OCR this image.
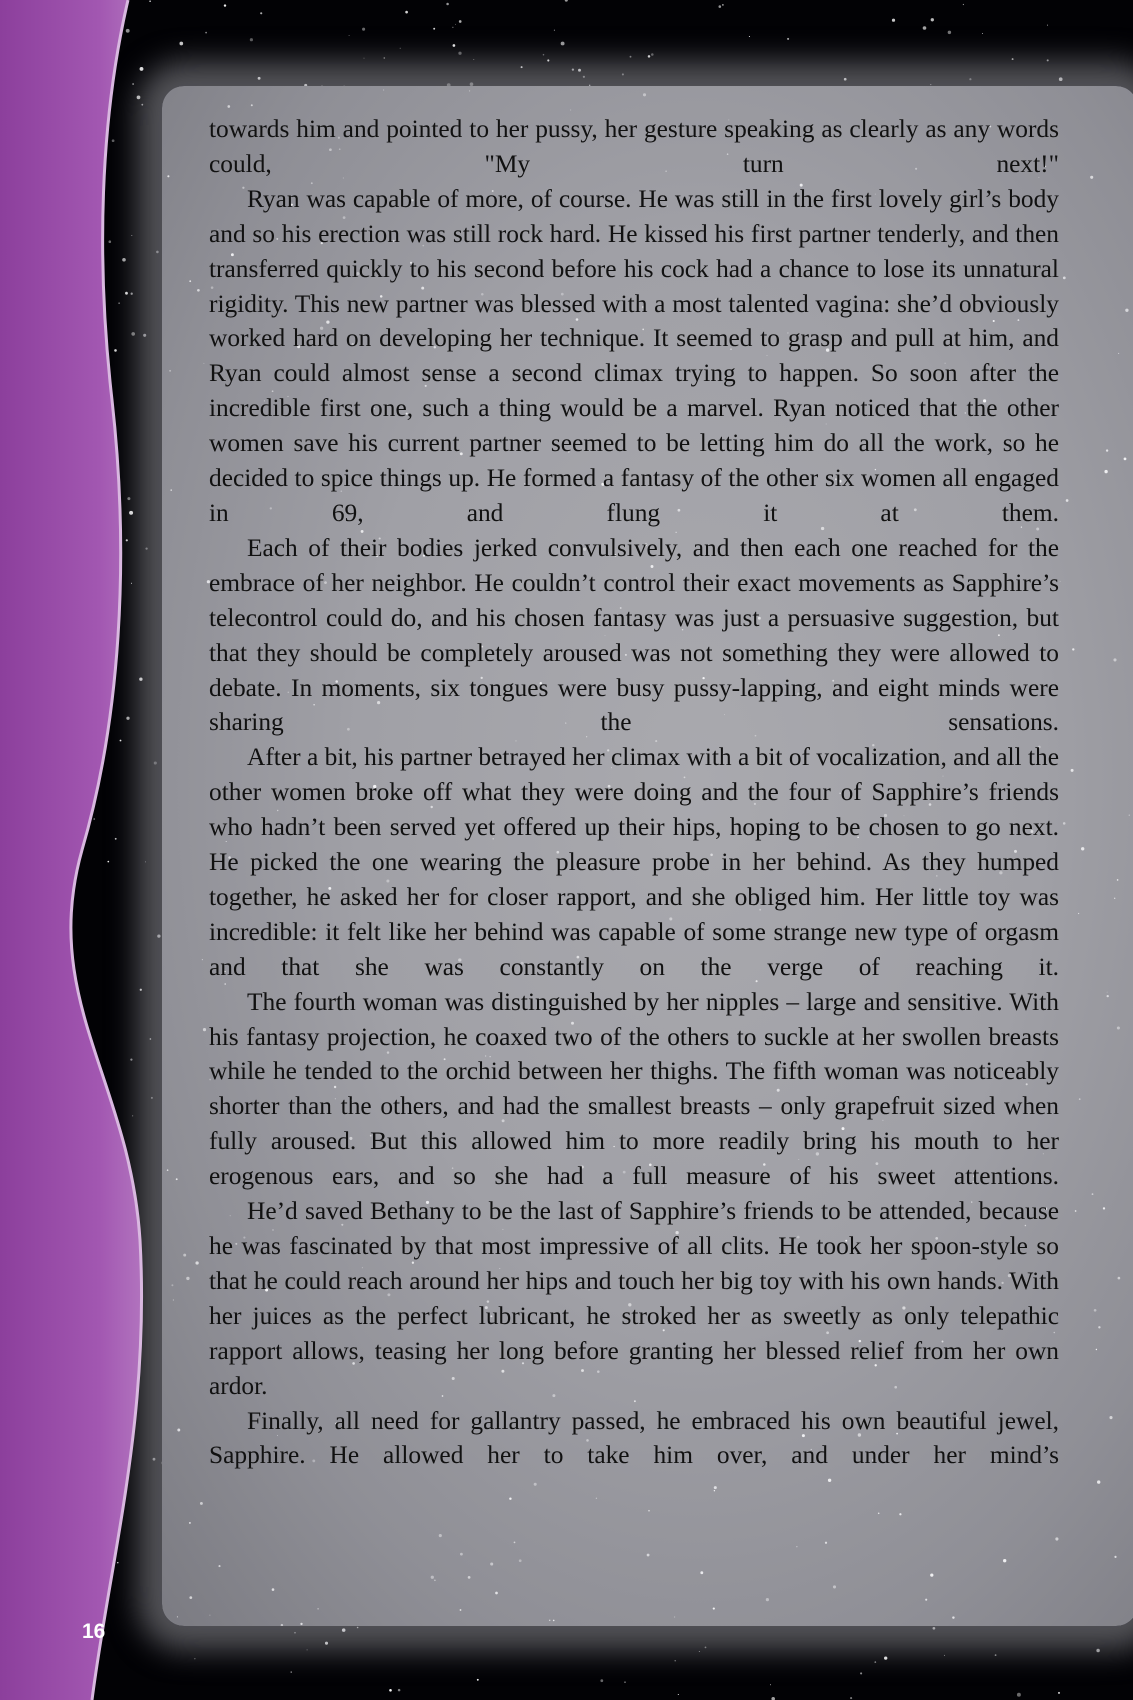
towards him and pointed to her pussy, her gesture speaking as clearly as any words could, "My turn next!"

Ryan was capable of more, of course. He was still in the first lovely girl’s body and so his erection was still rock hard. He kissed his first partner tenderly, and then transferred quickly to his second before his cock had a chance to lose its unnatural rigidity. This new partner was blessed with a most talented vagina: she’d obviously worked hard on developing her technique. It seemed to grasp and pull at him, and Ryan could almost sense a second climax trying to happen. So soon after the incredible first one, such a thing would be a marvel. Ryan noticed that the other women save his current partner seemed to be letting him do all the work, so he decided to spice things up. He formed a fantasy of the other six women all engaged in 69, and flung it at them.

Each of their bodies jerked convulsively, and then each one reached for the embrace of her neighbor. He couldn’t control their exact movements as Sapphire’s telecontrol could do, and his chosen fantasy was just a persuasive suggestion, but that they should be completely aroused was not something they were allowed to debate. In moments, six tongues were busy pussy-lapping, and eight minds were sharing the sensations.

After a bit, his partner betrayed her climax with a bit of vocalization, and all the other women broke off what they were doing and the four of Sapphire’s friends who hadn’t been served yet offered up their hips, hoping to be chosen to go next. He picked the one wearing the pleasure probe in her behind. As they humped together, he asked her for closer rapport, and she obliged him. Her little toy was incredible: it felt like her behind was capable of some strange new type of orgasm and that she was constantly on the verge of reaching it.

The fourth woman was distinguished by her nipples – large and sensitive. With his fantasy projection, he coaxed two of the others to suckle at her swollen breasts while he tended to the orchid between her thighs. The fifth woman was noticeably shorter than the others, and had the smallest breasts – only grapefruit sized when fully aroused. But this allowed him to more readily bring his mouth to her erogenous ears, and so she had a full measure of his sweet attentions.

He’d saved Bethany to be the last of Sapphire’s friends to be attended, because he was fascinated by that most impressive of all clits. He took her spoon-style so that he could reach around her hips and touch her big toy with his own hands. With her juices as the perfect lubricant, he stroked her as sweetly as only telepathic rapport allows, teasing her long before granting her blessed relief from her own ardor.

Finally, all need for gallantry passed, he embraced his own beautiful jewel, Sapphire. He allowed her to take him over, and under her mind’s

16
